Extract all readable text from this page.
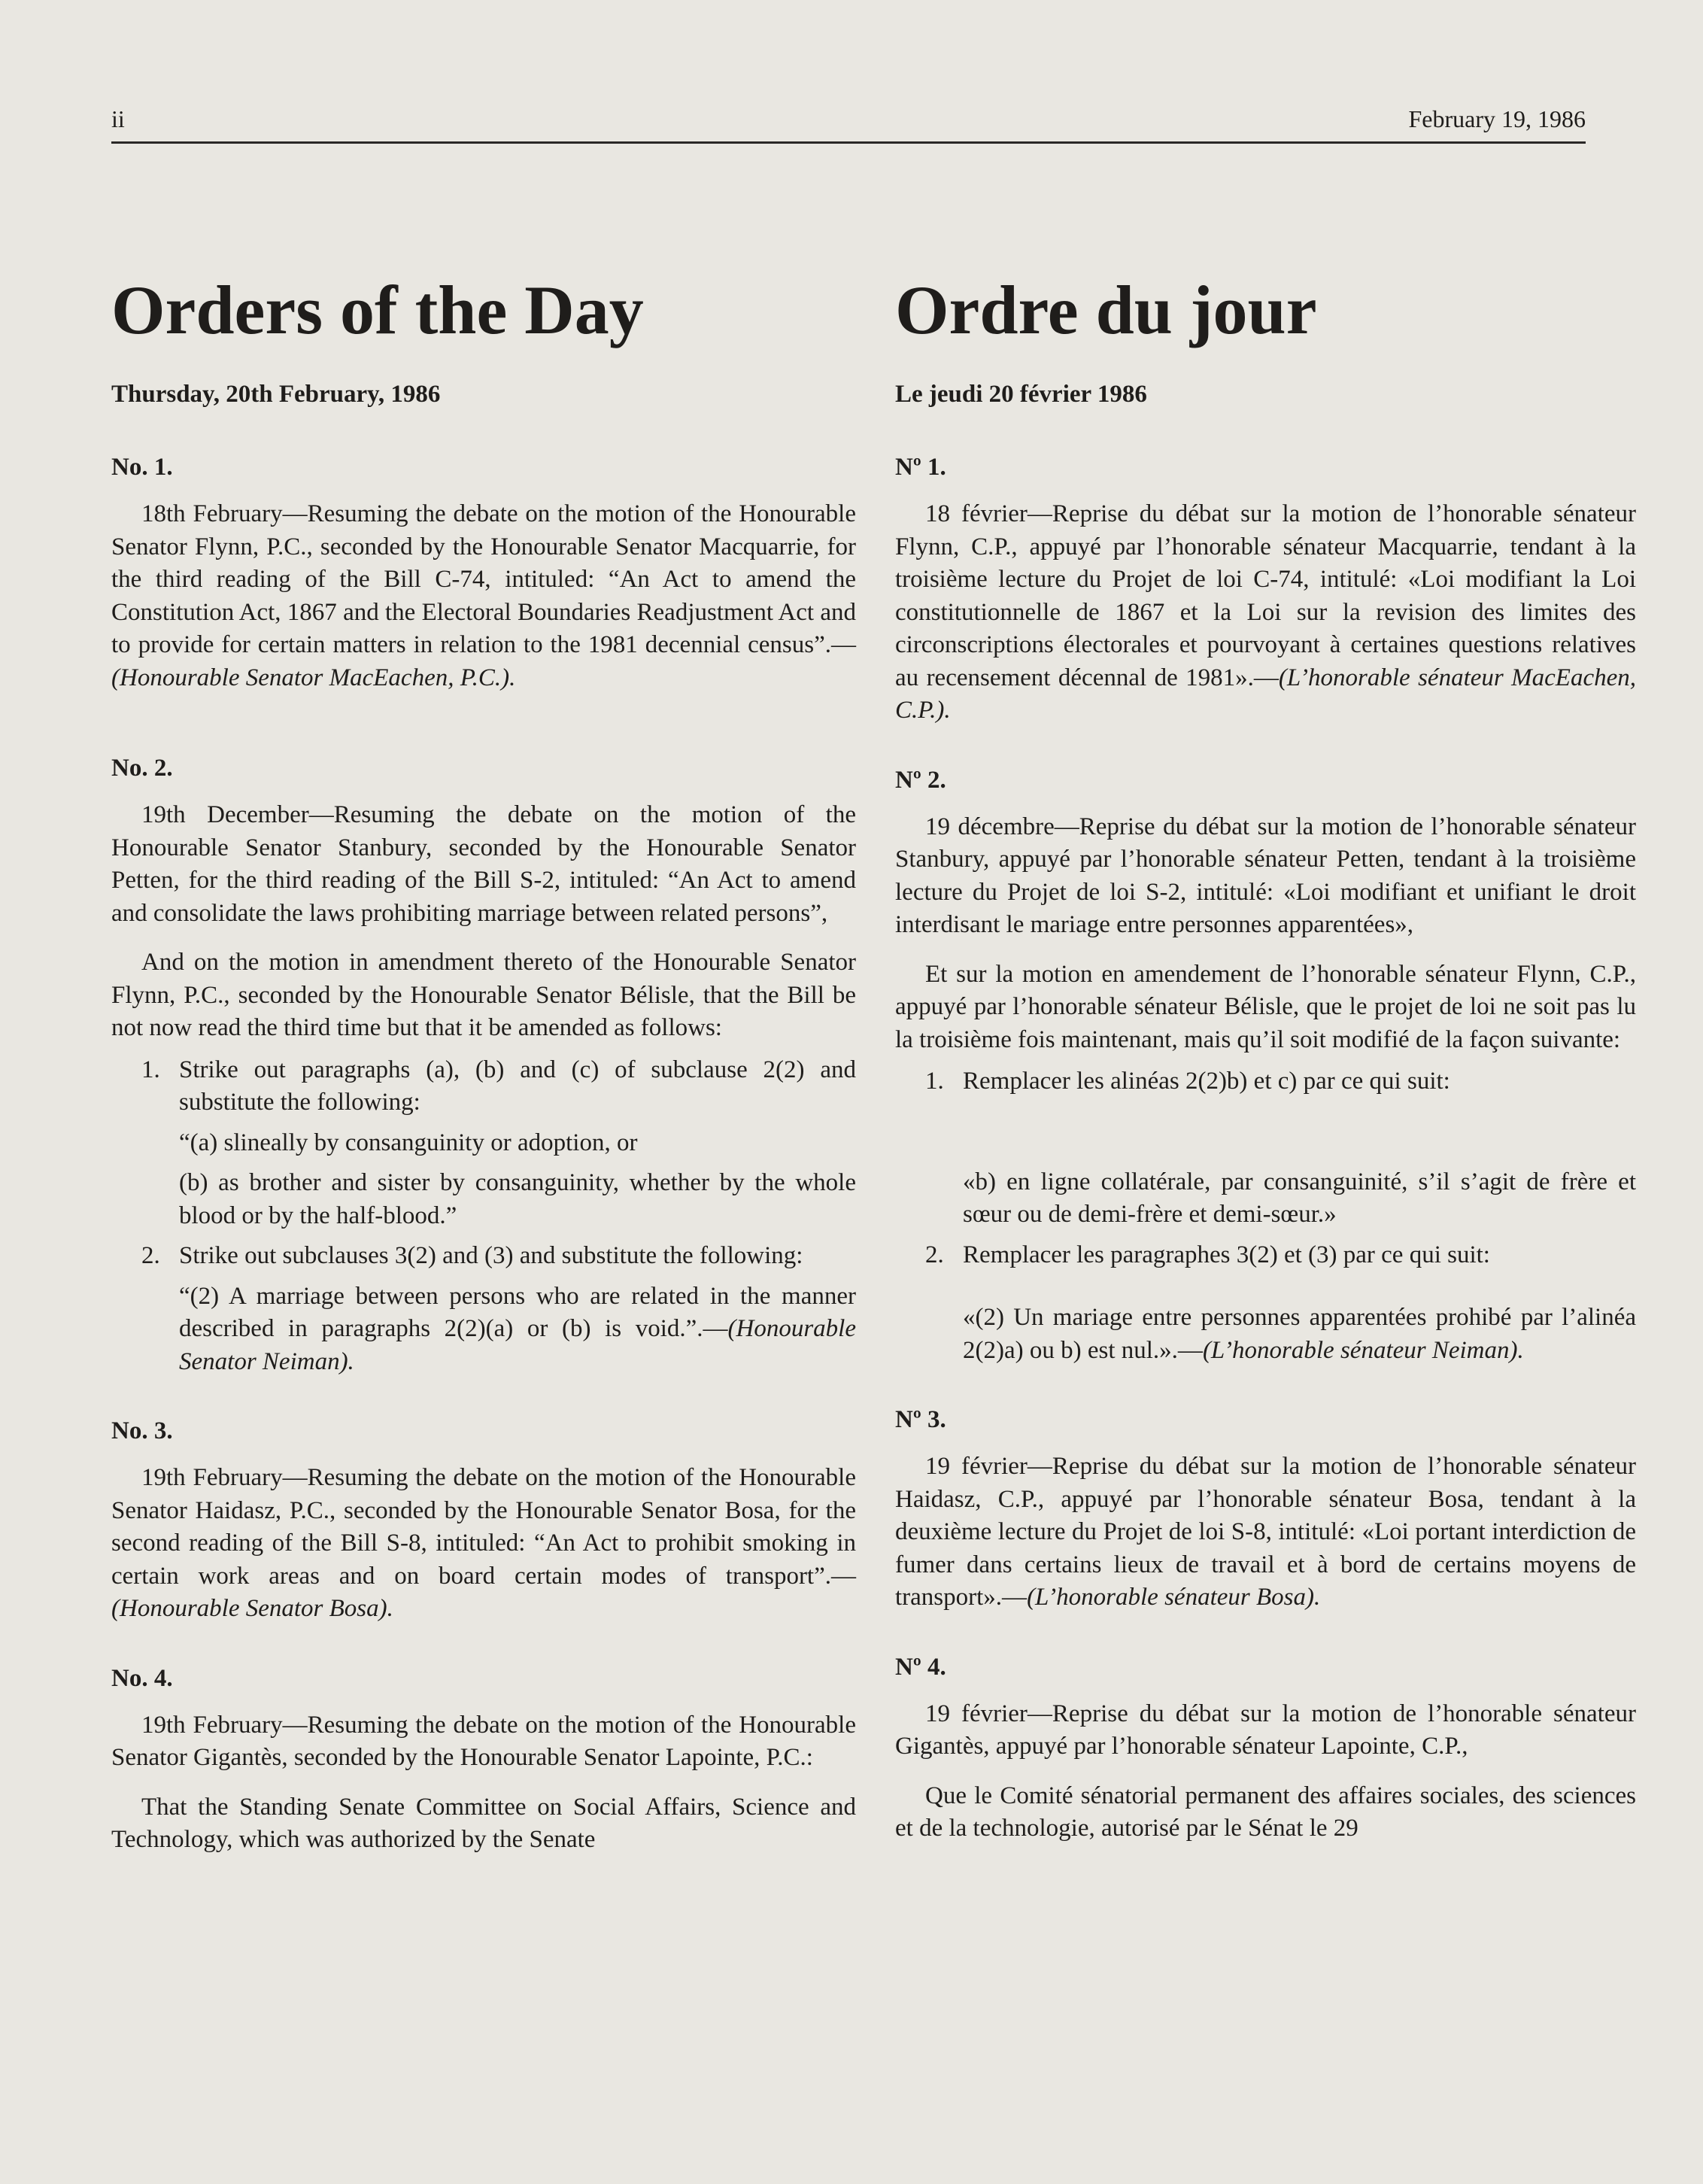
ii	February 19, 1986
Orders of the Day
Thursday, 20th February, 1986
No. 1.

18th February—Resuming the debate on the motion of the Honourable Senator Flynn, P.C., seconded by the Honourable Senator Macquarrie, for the third reading of the Bill C-74, intituled: “An Act to amend the Constitution Act, 1867 and the Electoral Boundaries Readjustment Act and to provide for certain matters in relation to the 1981 decennial census”.—(Honourable Senator MacEachen, P.C.).

No. 2.

19th December—Resuming the debate on the motion of the Honourable Senator Stanbury, seconded by the Honourable Senator Petten, for the third reading of the Bill S-2, intituled: “An Act to amend and consolidate the laws prohibiting marriage between related persons”,

And on the motion in amendment thereto of the Honourable Senator Flynn, P.C., seconded by the Honourable Senator Bélisle, that the Bill be not now read the third time but that it be amended as follows:

1. Strike out paragraphs (a), (b) and (c) of subclause 2(2) and substitute the following:

“(a) slineally by consanguinity or adoption, or

(b) as brother and sister by consanguinity, whether by the whole blood or by the half-blood.”

2. Strike out subclauses 3(2) and (3) and substitute the following:

“(2) A marriage between persons who are related in the manner described in paragraphs 2(2)(a) or (b) is void.”.—(Honourable Senator Neiman).

No. 3.

19th February—Resuming the debate on the motion of the Honourable Senator Haidasz, P.C., seconded by the Honourable Senator Bosa, for the second reading of the Bill S-8, intituled: “An Act to prohibit smoking in certain work areas and on board certain modes of transport”.—(Honourable Senator Bosa).

No. 4.

19th February—Resuming the debate on the motion of the Honourable Senator Gigantès, seconded by the Honourable Senator Lapointe, P.C.:

That the Standing Senate Committee on Social Affairs, Science and Technology, which was authorized by the Senate

Ordre du jour
Le jeudi 20 février 1986
Nº 1.

18 février—Reprise du débat sur la motion de l’honorable sénateur Flynn, C.P., appuyé par l’honorable sénateur Macquarrie, tendant à la troisième lecture du Projet de loi C-74, intitulé: «Loi modifiant la Loi constitutionnelle de 1867 et la Loi sur la revision des limites des circonscriptions électorales et pourvoyant à certaines questions relatives au recensement décennal de 1981».—(L’honorable sénateur MacEachen, C.P.).

Nº 2.

19 décembre—Reprise du débat sur la motion de l’honorable sénateur Stanbury, appuyé par l’honorable sénateur Petten, tendant à la troisième lecture du Projet de loi S-2, intitulé: «Loi modifiant et unifiant le droit interdisant le mariage entre personnes apparentées»,

Et sur la motion en amendement de l’honorable sénateur Flynn, C.P., appuyé par l’honorable sénateur Bélisle, que le projet de loi ne soit pas lu la troisième fois maintenant, mais qu’il soit modifié de la façon suivante:

1. Remplacer les alinéas 2(2)b) et c) par ce qui suit:

«b) en ligne collatérale, par consanguinité, s’il s’agit de frère et sœur ou de demi-frère et demi-sœur.»

2. Remplacer les paragraphes 3(2) et (3) par ce qui suit:

«(2) Un mariage entre personnes apparentées prohibé par l’alinéa 2(2)a) ou b) est nul.».—(L’honorable sénateur Neiman).

Nº 3.

19 février—Reprise du débat sur la motion de l’honorable sénateur Haidasz, C.P., appuyé par l’honorable sénateur Bosa, tendant à la deuxième lecture du Projet de loi S-8, intitulé: «Loi portant interdiction de fumer dans certains lieux de travail et à bord de certains moyens de transport».—(L’honorable sénateur Bosa).

Nº 4.

19 février—Reprise du débat sur la motion de l’honorable sénateur Gigantès, appuyé par l’honorable sénateur Lapointe, C.P.,

Que le Comité sénatorial permanent des affaires sociales, des sciences et de la technologie, autorisé par le Sénat le 29
